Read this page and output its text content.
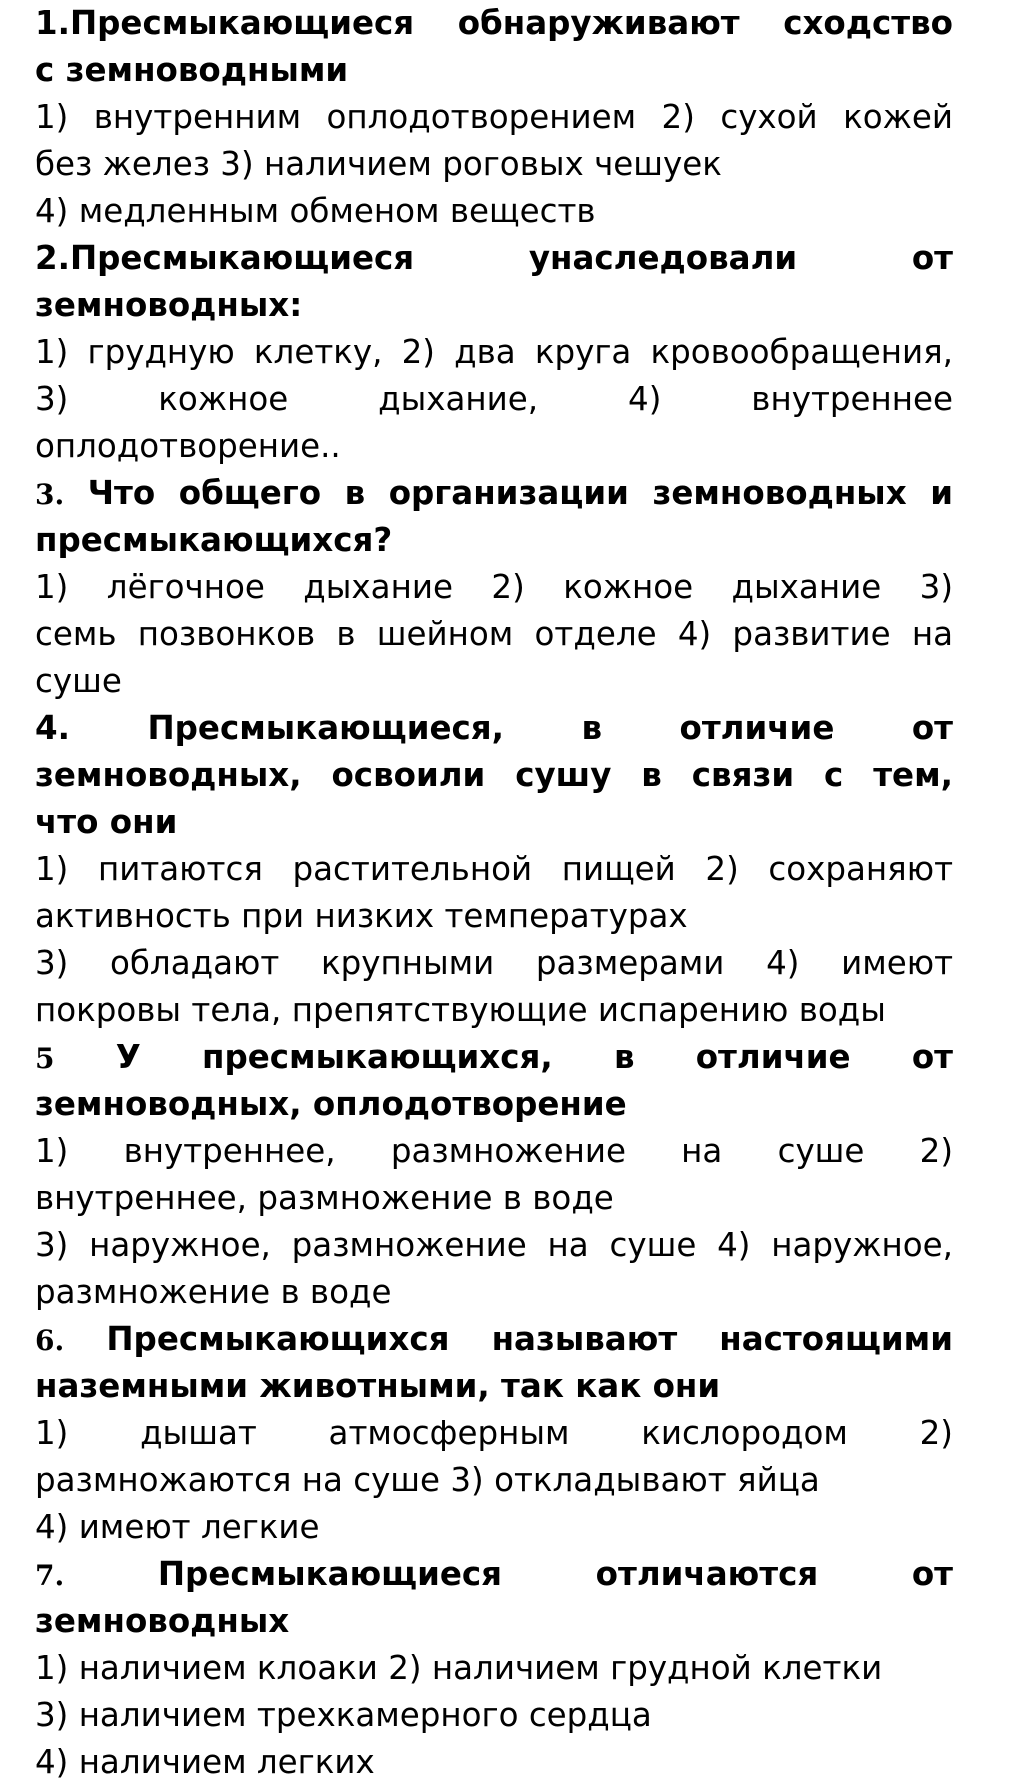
1.Пресмыкающиеся обнаруживают сходство
с земноводными
1) внутренним оплодотворением 2) сухой кожей
без желез 3) наличием роговых чешуек
4) медленным обменом веществ
2.Пресмыкающиеся унаследовали от
земноводных:
1) грудную клетку, 2) два круга кровообращения,
3) кожное дыхание, 4) внутреннее
оплодотворение..
3. Что общего в организации земноводных и
пресмыкающихся?
1) лёгочное дыхание 2) кожное дыхание 3)
семь позвонков в шейном отделе 4) развитие на
суше
4. Пресмыкающиеся, в отличие от
земноводных, освоили сушу в связи с тем,
что они
1) питаются растительной пищей 2) сохраняют
активность при низких температурах
3) обладают крупными размерами 4) имеют
покровы тела, препятствующие испарению воды
5 У пресмыкающихся, в отличие от
земноводных, оплодотворение
1) внутреннее, размножение на суше 2)
внутреннее, размножение в воде
3) наружное, размножение на суше 4) наружное,
размножение в воде
6. Пресмыкающихся называют настоящими
наземными животными, так как они
1) дышат атмосферным кислородом 2)
размножаются на суше 3) откладывают яйца
4) имеют легкие
7.	Пресмыкающиеся отличаются от
земноводных
1) наличием клоаки 2) наличием грудной клетки
3) наличием трехкамерного сердца
4) наличием легких
